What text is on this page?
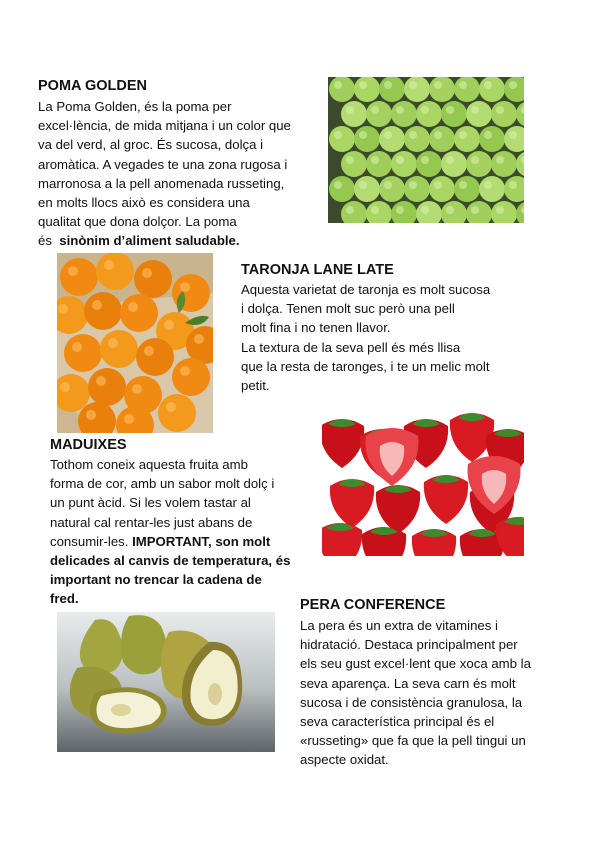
POMA GOLDEN

La Poma Golden, és la poma per
excel·lència, de mida mitjana i un color que
va del verd, al groc. És sucosa, dolça i
aromàtica. A vegades te una zona rugosa i
marronosa a la pell anomenada russeting,
en molts llocs això es considera una
qualitat que dona dolçor. La poma
és  sinònim d’aliment saludable.

TARONJA LANE LATE

Aquesta varietat de taronja es molt sucosa
i dolça. Tenen molt suc però una pell
molt fina i no tenen llavor.
La textura de la seva pell és més llisa
que la resta de taronges, i te un melic molt
petit.

MADUIXES

Tothom coneix aquesta fruita amb
forma de cor, amb un sabor molt dolç i
un punt àcid. Si les volem tastar al
natural cal rentar-les just abans de
consumir-les. IMPORTANT, son molt
delicades al canvis de temperatura, és
important no trencar la cadena de
fred.	PERA CONFERENCE

La pera és un extra de vitamines i
hidratació. Destaca principalment per
els seu gust excel·lent que xoca amb la
seva aparença. La seva carn és molt
sucosa i de consistència granulosa, la
seva característica principal és el
«russeting» que fa que la pell tingui un
aspecte oxidat.
